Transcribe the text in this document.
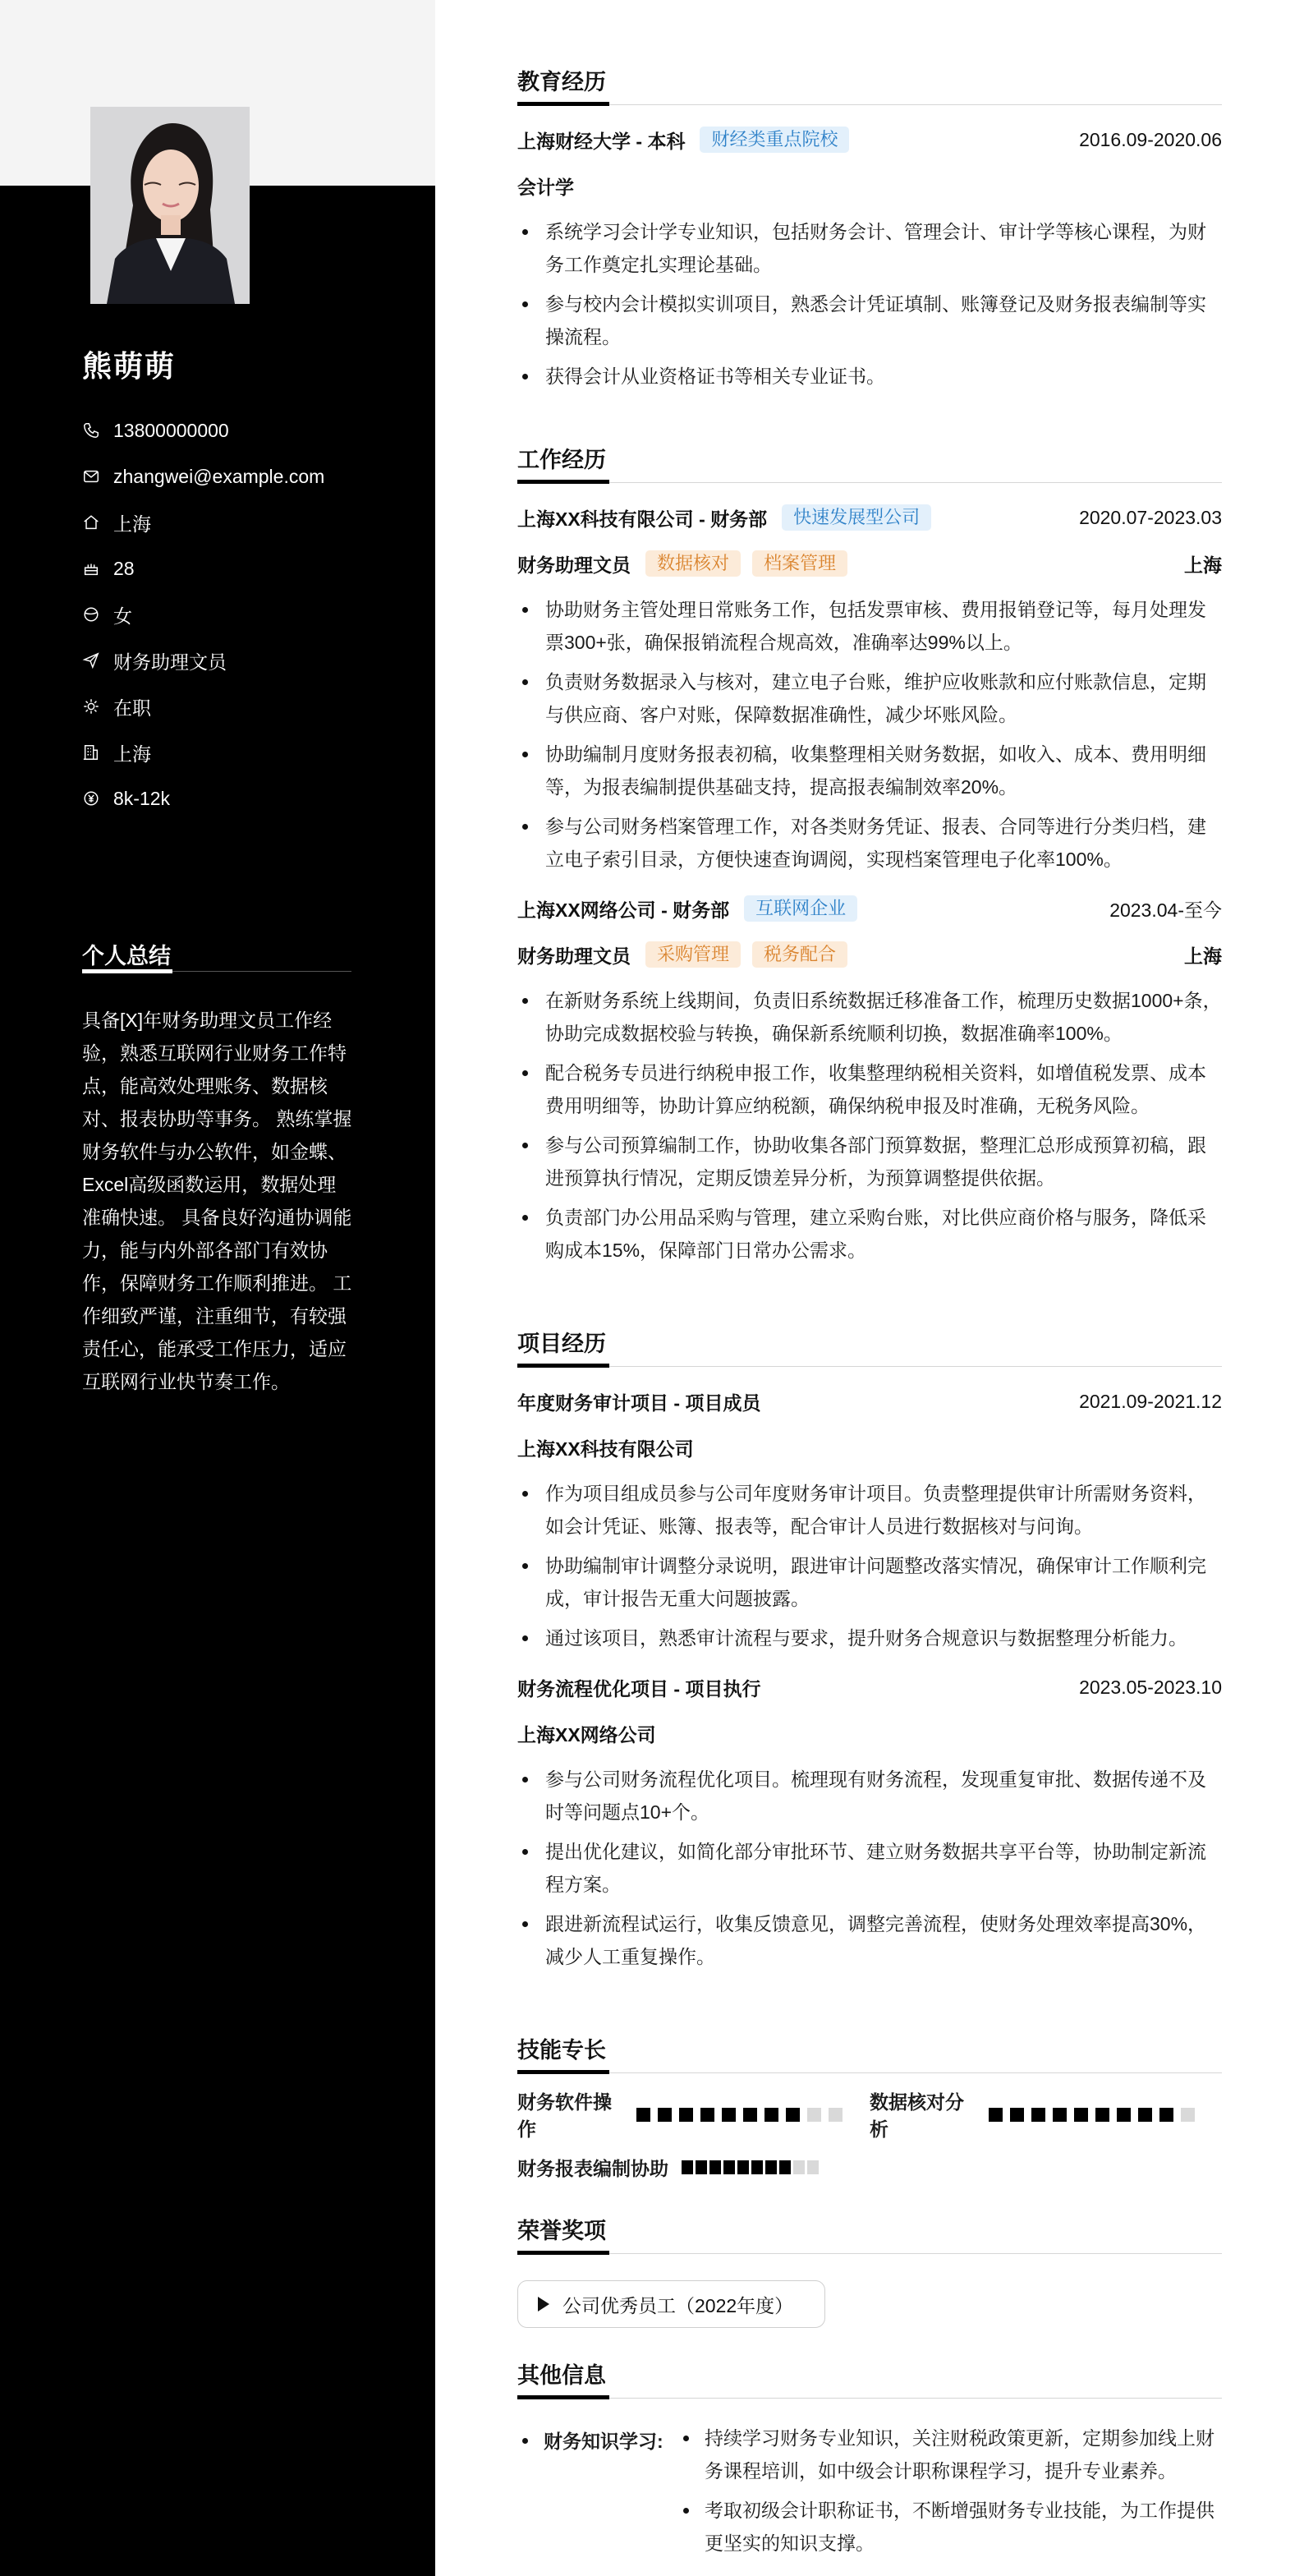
熊萌萌
13800000000
zhangwei@example.com
上海
28
女
财务助理文员
在职
上海
8k-12k
个人总结
具备[X]年财务助理文员工作经验，熟悉互联网行业财务工作特点，能高效处理账务、数据核对、报表协助等事务。 熟练掌握财务软件与办公软件，如金蝶、Excel高级函数运用，数据处理准确快速。 具备良好沟通协调能力，能与内外部各部门有效协作，保障财务工作顺利推进。 工作细致严谨，注重细节，有较强责任心，能承受工作压力，适应互联网行业快节奏工作。
教育经历
上海财经大学 - 本科	财经类重点院校	2016.09-2020.06
会计学
系统学习会计学专业知识，包括财务会计、管理会计、审计学等核心课程，为财务工作奠定扎实理论基础。
参与校内会计模拟实训项目，熟悉会计凭证填制、账簿登记及财务报表编制等实操流程。
获得会计从业资格证书等相关专业证书。
工作经历
上海XX科技有限公司 - 财务部	快速发展型公司	2020.07-2023.03
财务助理文员	数据核对	档案管理	上海
协助财务主管处理日常账务工作，包括发票审核、费用报销登记等，每月处理发票300+张，确保报销流程合规高效，准确率达99%以上。
负责财务数据录入与核对，建立电子台账，维护应收账款和应付账款信息，定期与供应商、客户对账，保障数据准确性，减少坏账风险。
协助编制月度财务报表初稿，收集整理相关财务数据，如收入、成本、费用明细等，为报表编制提供基础支持，提高报表编制效率20%。
参与公司财务档案管理工作，对各类财务凭证、报表、合同等进行分类归档，建立电子索引目录，方便快速查询调阅，实现档案管理电子化率100%。
上海XX网络公司 - 财务部	互联网企业	2023.04-至今
财务助理文员	采购管理	税务配合	上海
在新财务系统上线期间，负责旧系统数据迁移准备工作，梳理历史数据1000+条，协助完成数据校验与转换，确保新系统顺利切换，数据准确率100%。
配合税务专员进行纳税申报工作，收集整理纳税相关资料，如增值税发票、成本费用明细等，协助计算应纳税额，确保纳税申报及时准确，无税务风险。
参与公司预算编制工作，协助收集各部门预算数据，整理汇总形成预算初稿，跟进预算执行情况，定期反馈差异分析，为预算调整提供依据。
负责部门办公用品采购与管理，建立采购台账，对比供应商价格与服务，降低采购成本15%，保障部门日常办公需求。
项目经历
年度财务审计项目 - 项目成员	2021.09-2021.12
上海XX科技有限公司
作为项目组成员参与公司年度财务审计项目。负责整理提供审计所需财务资料，如会计凭证、账簿、报表等，配合审计人员进行数据核对与问询。
协助编制审计调整分录说明，跟进审计问题整改落实情况，确保审计工作顺利完成，审计报告无重大问题披露。
通过该项目，熟悉审计流程与要求，提升财务合规意识与数据整理分析能力。
财务流程优化项目 - 项目执行	2023.05-2023.10
上海XX网络公司
参与公司财务流程优化项目。梳理现有财务流程，发现重复审批、数据传递不及时等问题点10+个。
提出优化建议，如简化部分审批环节、建立财务数据共享平台等，协助制定新流程方案。
跟进新流程试运行，收集反馈意见，调整完善流程，使财务处理效率提高30%，减少人工重复操作。
技能专长
财务软件操作
数据核对分析
财务报表编制协助
荣誉奖项
公司优秀员工（2022年度）
其他信息
财务知识学习:	持续学习财务专业知识，关注财税政策更新，定期参加线上财务课程培训，如中级会计职称课程学习，提升专业素养。
考取初级会计职称证书，不断增强财务专业技能，为工作提供更坚实的知识支撑。
